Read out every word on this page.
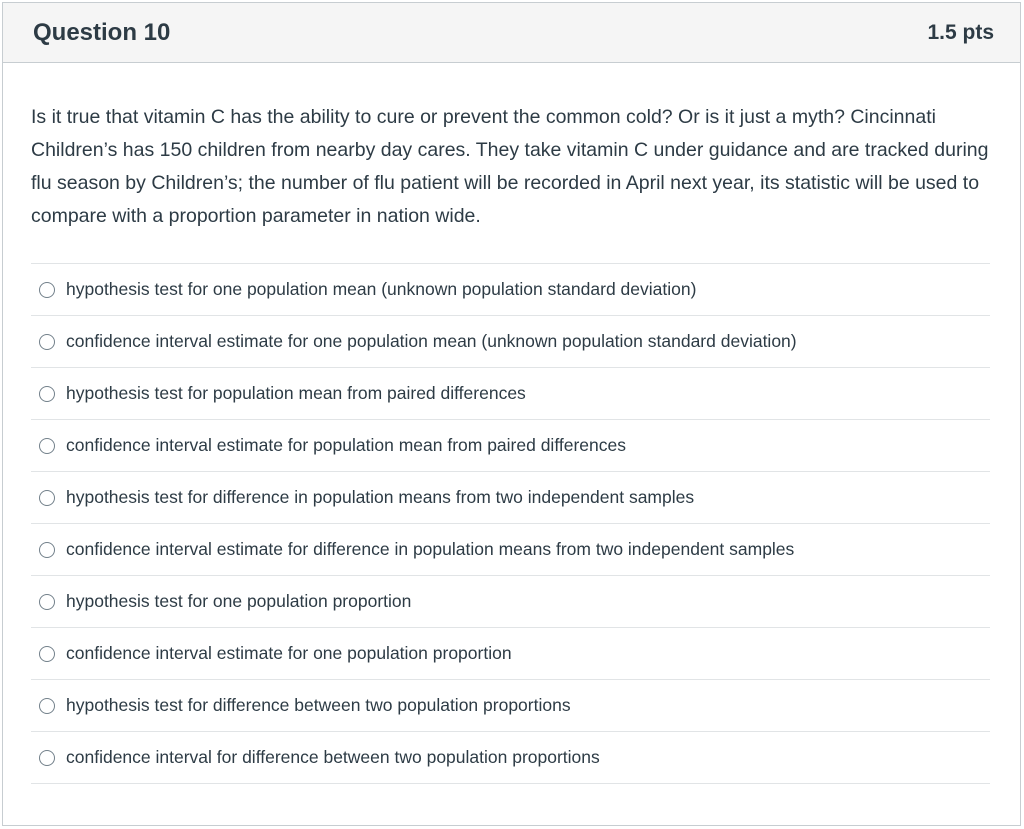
Question 10	1.5 pts

Is it true that vitamin C has the ability to cure or prevent the common cold? Or is it just a myth? Cincinnati Children’s has 150 children from nearby day cares. They take vitamin C under guidance and are tracked during flu season by Children’s; the number of flu patient will be recorded in April next year, its statistic will be used to compare with a proportion parameter in nation wide.

hypothesis test for one population mean (unknown population standard deviation)
confidence interval estimate for one population mean (unknown population standard deviation)
hypothesis test for population mean from paired differences
confidence interval estimate for population mean from paired differences
hypothesis test for difference in population means from two independent samples
confidence interval estimate for difference in population means from two independent samples
hypothesis test for one population proportion
confidence interval estimate for one population proportion
hypothesis test for difference between two population proportions
confidence interval for difference between two population proportions
